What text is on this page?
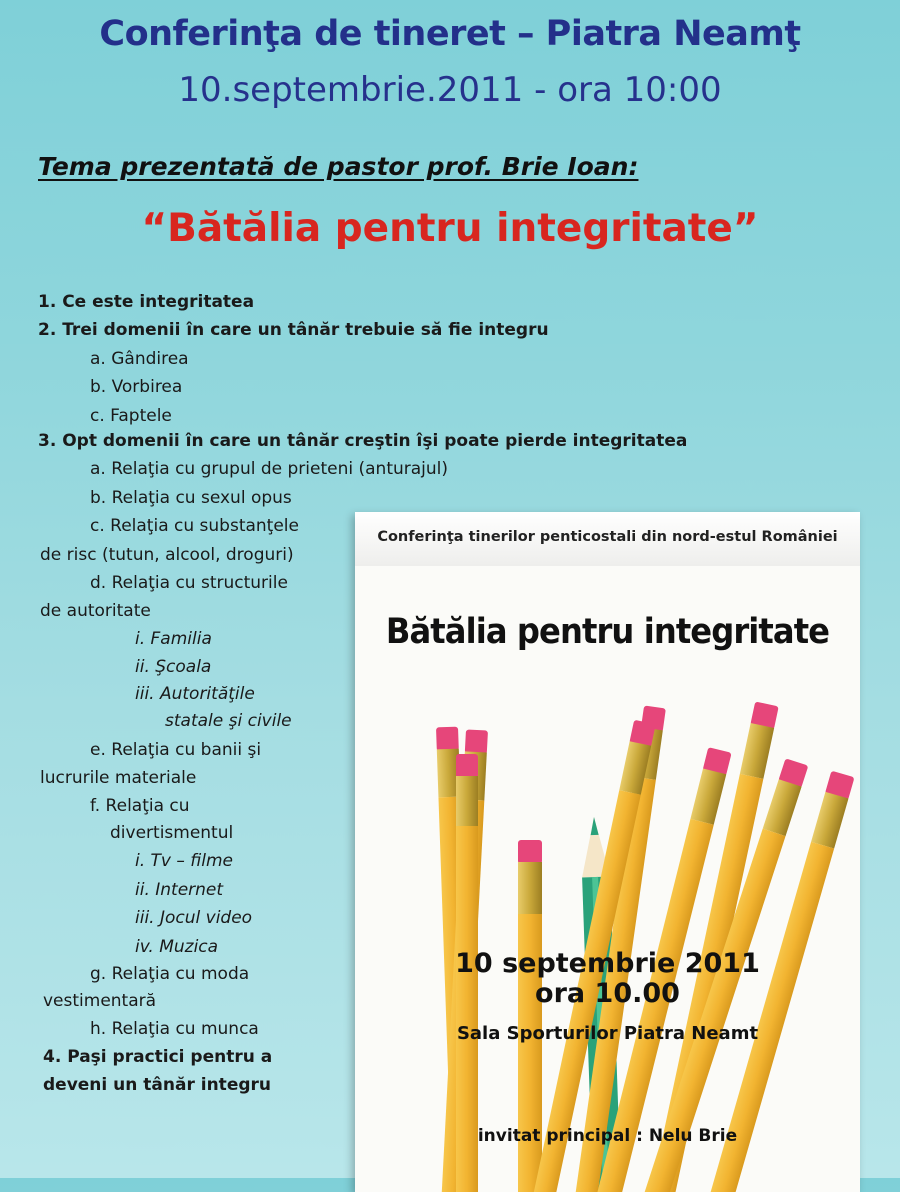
Conferinţa de tineret – Piatra Neamţ
10.septembrie.2011 - ora 10:00
Tema prezentată de pastor prof. Brie Ioan:
“Bătălia pentru integritate”
1. Ce este integritatea
2. Trei domenii în care un tânăr trebuie să fie integru
a. Gândirea
b. Vorbirea
c. Faptele
3. Opt domenii în care un tânăr creştin îşi poate pierde integritatea
a. Relaţia cu grupul de prieteni (anturajul)
b. Relaţia cu sexul opus
c. Relaţia cu substanţele
de risc (tutun, alcool, droguri)
d. Relaţia cu structurile
de autoritate
i. Familia
ii. Şcoala
iii. Autorităţile
statale şi civile
e. Relaţia cu banii şi
lucrurile materiale
f. Relaţia cu
divertismentul
i. Tv – filme
ii. Internet
iii. Jocul video
iv. Muzica
g. Relaţia cu moda
vestimentară
h. Relaţia cu munca
4. Paşi practici pentru a
deveni un tânăr integru
Conferinţa tinerilor penticostali din nord-estul României
Bătălia pentru integritate
10 septembrie 2011
ora 10.00
Sala Sporturilor Piatra Neamt
invitat principal : Nelu Brie
